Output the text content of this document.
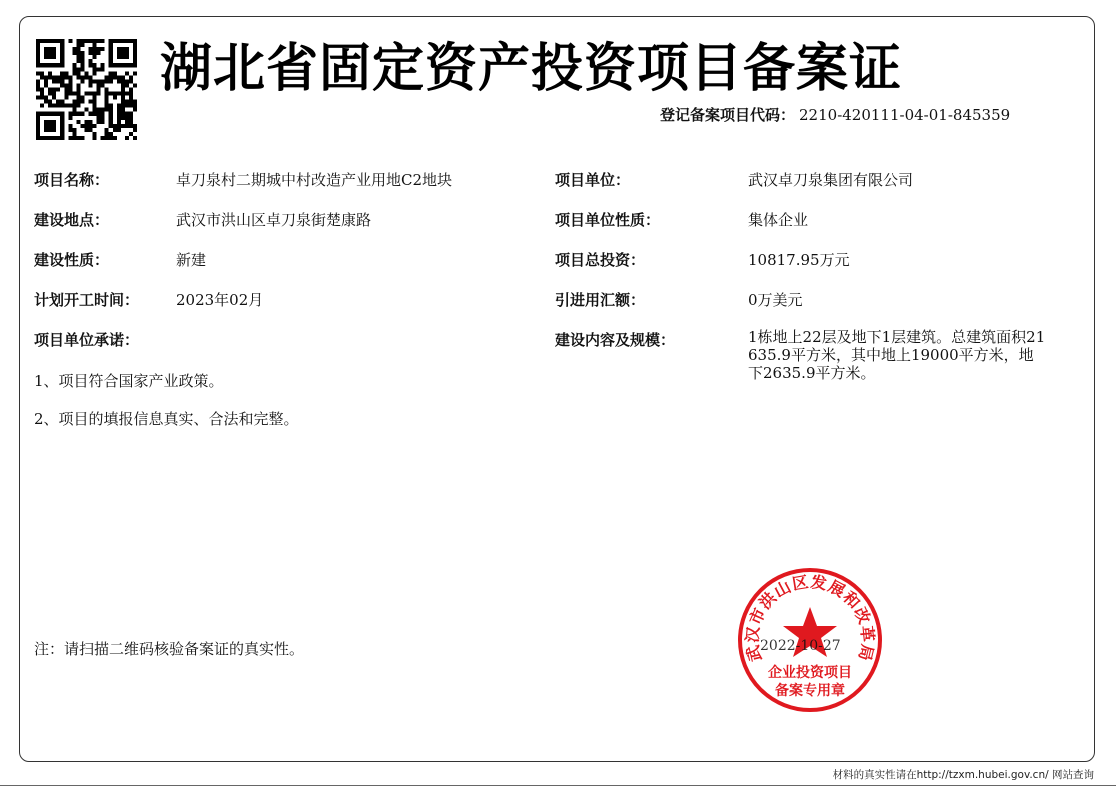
湖北省固定资产投资项目备案证
登记备案项目代码： 2210-420111-04-01-845359
项目名称：	卓刀泉村二期城中村改造产业用地C2地块
建设地点：	武汉市洪山区卓刀泉街楚康路
建设性质：	新建
计划开工时间： 2023年02月
项目单位：	武汉卓刀泉集团有限公司
项目单位性质：	集体企业
项目总投资：	10817.95万元
引进用汇额：	0万美元
建设内容及规模：	1栋地上22层及地下1层建筑。总建筑面积21635.9平方米，其中地上19000平方米，地下2635.9平方米。
项目单位承诺：
1、项目符合国家产业政策。
2、项目的填报信息真实、合法和完整。
注：请扫描二维码核验备案证的真实性。	武汉市洪山区发展和改革局
企业投资项目
备案专用章
2022-10-27
材料的真实性请在http://tzxm.hubei.gov.cn/ 网站查询
